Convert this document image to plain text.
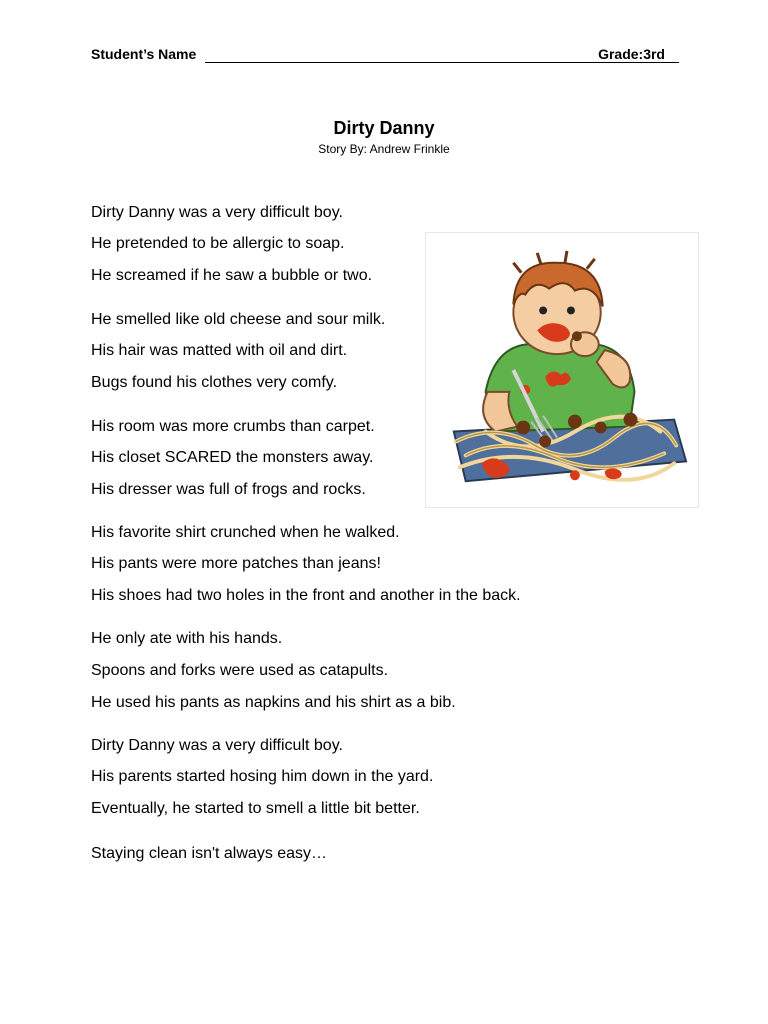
Student’s Name	Grade:3rd
Dirty Danny
Story By: Andrew Frinkle
Dirty Danny was a very difficult boy.
He pretended to be allergic to soap.
He screamed if he saw a bubble or two.
He smelled like old cheese and sour milk.
His hair was matted with oil and dirt.
Bugs found his clothes very comfy.
His room was more crumbs than carpet.
His closet SCARED the monsters away.
His dresser was full of frogs and rocks.
His favorite shirt crunched when he walked.
His pants were more patches than jeans!
His shoes had two holes in the front and another in the back.
He only ate with his hands.
Spoons and forks were used as catapults.
He used his pants as napkins and his shirt as a bib.
Dirty Danny was a very difficult boy.
His parents started hosing him down in the yard.
Eventually, he started to smell a little bit better.
Staying clean isn't always easy…
